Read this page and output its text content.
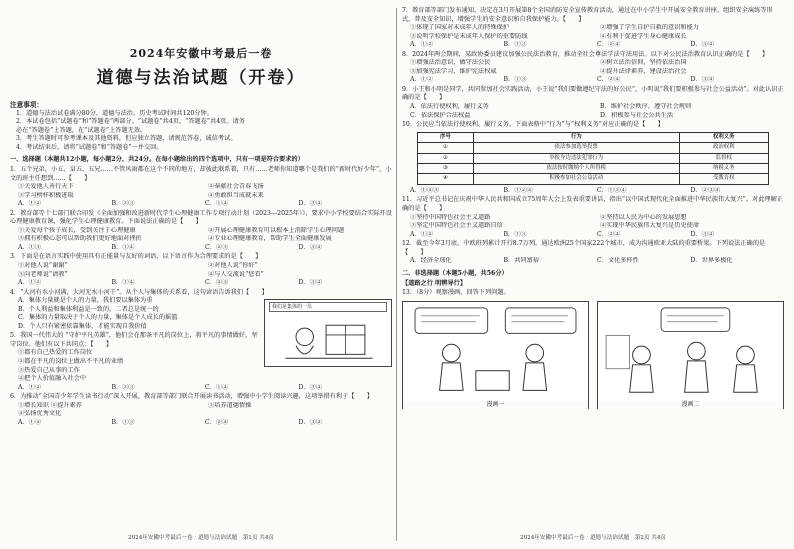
2024年安徽中考最后一卷
道德与法治试题（开卷）
注意事项：
1．道德与法治试卷满分80分，道德与法治、历史考试时间共120分钟。
2．本试卷包括“试题卷”和“答题卷”两部分。“试题卷”共4页，“答题卷”共4页。请务
必在“答题卷”上答题，在“试题卷”上答题无效。
3．考生答题时可参考课本及其他资料，但应独立答题，请规范答卷，诚信考试。
4．考试结束后，请将“试题卷”和“答题卷”一并交回。
一、选择题（本题共12小题，每小题2分，共24分。在每小题给出的四个选项中，只有一项是符合要求的）
1．五个兄弟，小五、皇五、五兄……不管风雨都在这个不同的地方，却彼此联系着，只有……老师你知道哪个是我们的“新时代好少年”，小文的班主任想到……【　　】
①关爱他人善行天下	②奉献社会青春飞扬
③学习榜样积极进取	④勇敢担当成就未来
A．①②	B．②③	C．①④	D．③④
2．教育部等十七部门联合印发《全面加强和改进新时代学生心理健康工作专项行动计划（2023—2025年）》，要求中小学校要结合实际开设心理健康教育课，强化学生心理健康教育。下面说法正确的是【　　】
①关爱每个孩子成长，受到关注于心理健康	②开展心理健康教育可以根本上消除学生心理问题
③拥有积极心态可以帮助我们更好地面对挫折	④专业心理健康教育，帮助学生全面健康发展
A．①③	B．①④	C．②③	D．③④
3．下面是在语言实践中使用具有正能量与友好的词语，以下语言作为合理要求的是【　　】
①对他人说“谢谢”	②对他人说“你好”
③向老师说“请教”	④与人交流说“您看”
A．①②	B．①④	C．②③	D．③④
4．“大河有水小河满，大河无水小河干”。从个人与集体的关系看，这句谚语告诉我们【　　】
我们是集体的一员
A．集体力量就是个人的力量，我们要以集体为重
B．个人利益和集体利益是一致的，二者总是统一的
C．集体的力量取决于个人的力量，集体是个人成长的摇篮
D．个人只有紧密依靠集体，才能实现自我价值
5．我国一代伟大的 “守护平凡英雄”，他们会在那条平凡的岗位上，将平凡的事情做好，坚守岗位。他们有以下共同点：【　　】
①都有自己热爱的工作岗位
②都在平凡的岗位上做出不平凡的业绩
③热爱自己从事的工作
④把个人价值融入社会中
A．①②	B．②③	C．①④	D．③④
6．为推动“全国青少年学生读书行动”深入开展，教育部等部门联合开展读书活动，增强中小学生阅读兴趣，这项举措有利于【　　】
①增长知识 ②提升素养	③培养道德情操
④弘扬优秀文化
A．①②	B．①③	C．②④	D．③④
2024年安徽中考最后一卷 · 道德与法治试题　第1页 共4页
7．教育部等部门发布通知，决定在3月开展第8个全国消防安全宣传教育活动，通过在中小学生中开展安全教育讲座、组织安全演练等形式，普及安全知识，增强学生的安全意识和自我保护能力。【　　】
①体现了国家对未成年人的特殊保护	②增强了学生自护自救的意识和能力
③说明学校保护是未成年人保护的重要防线	④有利于促进学生身心健康成长
A．①②	B．①③	C．②④	D．③④
8．2024年两会期间，某政协委员建议加强公民法治教育，推动全社会尊法学法守法用法。以下对公民法治教育认识正确的是【　　】
①增强法治意识，做守法公民	②树立法治信仰，坚持依法治国
③加强宪法学习，维护宪法权威	④提升法律素养，建设法治社会
A．①②	B．①③	C．②④	D．③④
9．小王和小明是同学，共同参加社会实践活动，小王说“我们要做遵纪守法的好公民”，小明说“我们要积极参与社会公益活动”。对此认识正确的是【　　】
A．依法行使权利，履行义务	B．维护社会秩序，遵守社会规则
C．依法保护合法权益	D．积极参与社会公共生活
10．公民应当依法行使权利、履行义务。下面表格中“行为”与“权利义务”对应正确的是【　　】
序号	行为	权利义务
①	依法参加选举投票	政治权利
②	举报身边违法犯罪行为	监督权
③	依法按时缴纳个人所得税	纳税义务
④	积极参加社会公益活动	受教育权
A．①②③	B．①②④	C．①③④	D．②③④
11．习近平总书记在庆祝中华人民共和国成立75周年大会上发表重要讲话，指出“以中国式现代化全面推进中华民族伟大复兴”。对此理解正确的是【　　】
①坚持中国特色社会主义道路	②坚持以人民为中心的发展思想
③坚定中国特色社会主义道路自信	④实现中华民族伟大复兴是历史使命
A．①②	B．①③	C．②④	D．③④
12．截至今年3月底，中欧班列累计开行8.7万列，通达欧洲25个国家222个城市，成为沟通欧亚大陆的重要桥梁。下列说法正确的是【　　】
A．经济全球化	B．共同富裕	C．文化多样性	D．世界多极化
二、非选择题（本题5小题，共56分）
【道路之行 明辨导行】
13．（8分）观察漫画，回答下列问题。
漫画一	漫画二
2024年安徽中考最后一卷 · 道德与法治试题　第2页 共4页
